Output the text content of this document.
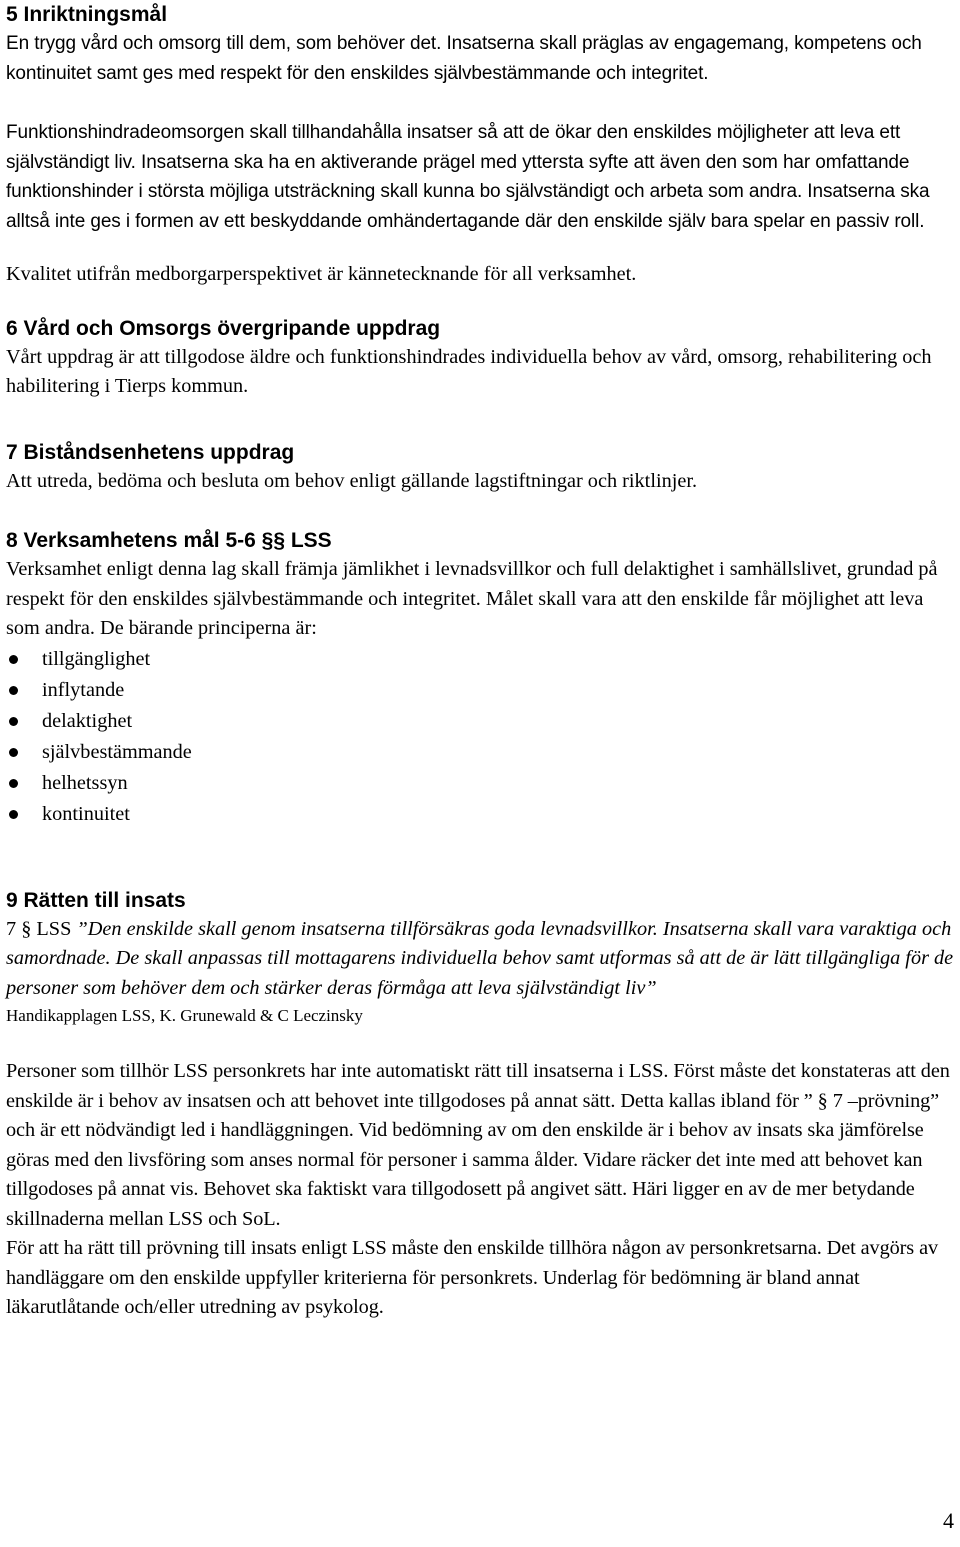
5 Inriktningsmål

En trygg vård och omsorg till dem, som behöver det. Insatserna skall präglas av engagemang, kompetens och kontinuitet samt ges med respekt för den enskildes självbestämmande och integritet.

Funktionshindradeomsorgen skall tillhandahålla insatser så att de ökar den enskildes möjligheter att leva ett självständigt liv. Insatserna ska ha en aktiverande prägel med yttersta syfte att även den som har omfattande funktionshinder i största möjliga utsträckning skall kunna bo självständigt och arbeta som andra. Insatserna ska alltså inte ges i formen av ett beskyddande omhändertagande där den enskilde själv bara spelar en passiv roll.

Kvalitet utifrån medborgarperspektivet är kännetecknande för all verksamhet.

6 Vård och Omsorgs övergripande uppdrag

Vårt uppdrag är att tillgodose äldre och funktionshindrades individuella behov av vård, omsorg, rehabilitering och habilitering i Tierps kommun.

7 Biståndsenhetens uppdrag

Att utreda, bedöma och besluta om behov enligt gällande lagstiftningar och riktlinjer.

8 Verksamhetens mål 5-6 §§ LSS

Verksamhet enligt denna lag skall främja jämlikhet i levnadsvillkor och full delaktighet i samhällslivet, grundad på respekt för den enskildes självbestämmande och integritet. Målet skall vara att den enskilde får möjlighet att leva som andra. De bärande principerna är:

tillgänglighet
inflytande
delaktighet
självbestämmande
helhetssyn
kontinuitet
9 Rätten till insats

7 § LSS ”Den enskilde skall genom insatserna tillförsäkras goda levnadsvillkor. Insatserna skall vara varaktiga och samordnade. De skall anpassas till mottagarens individuella behov samt utformas så att de är lätt tillgängliga för de personer som behöver dem och stärker deras förmåga att leva självständigt liv”

Handikapplagen LSS, K. Grunewald & C Leczinsky

Personer som tillhör LSS personkrets har inte automatiskt rätt till insatserna i LSS. Först måste det konstateras att den enskilde är i behov av insatsen och att behovet inte tillgodoses på annat sätt. Detta kallas ibland för ” § 7 –prövning” och är ett nödvändigt led i handläggningen. Vid bedömning av om den enskilde är i behov av insats ska jämförelse göras med den livsföring som anses normal för personer i samma ålder. Vidare räcker det inte med att behovet kan tillgodoses på annat vis. Behovet ska faktiskt vara tillgodosett på angivet sätt. Häri ligger en av de mer betydande skillnaderna mellan LSS och SoL.

För att ha rätt till prövning till insats enligt LSS måste den enskilde tillhöra någon av personkretsarna. Det avgörs av handläggare om den enskilde uppfyller kriterierna för personkrets. Underlag för bedömning är bland annat läkarutlåtande och/eller utredning av psykolog.

4
